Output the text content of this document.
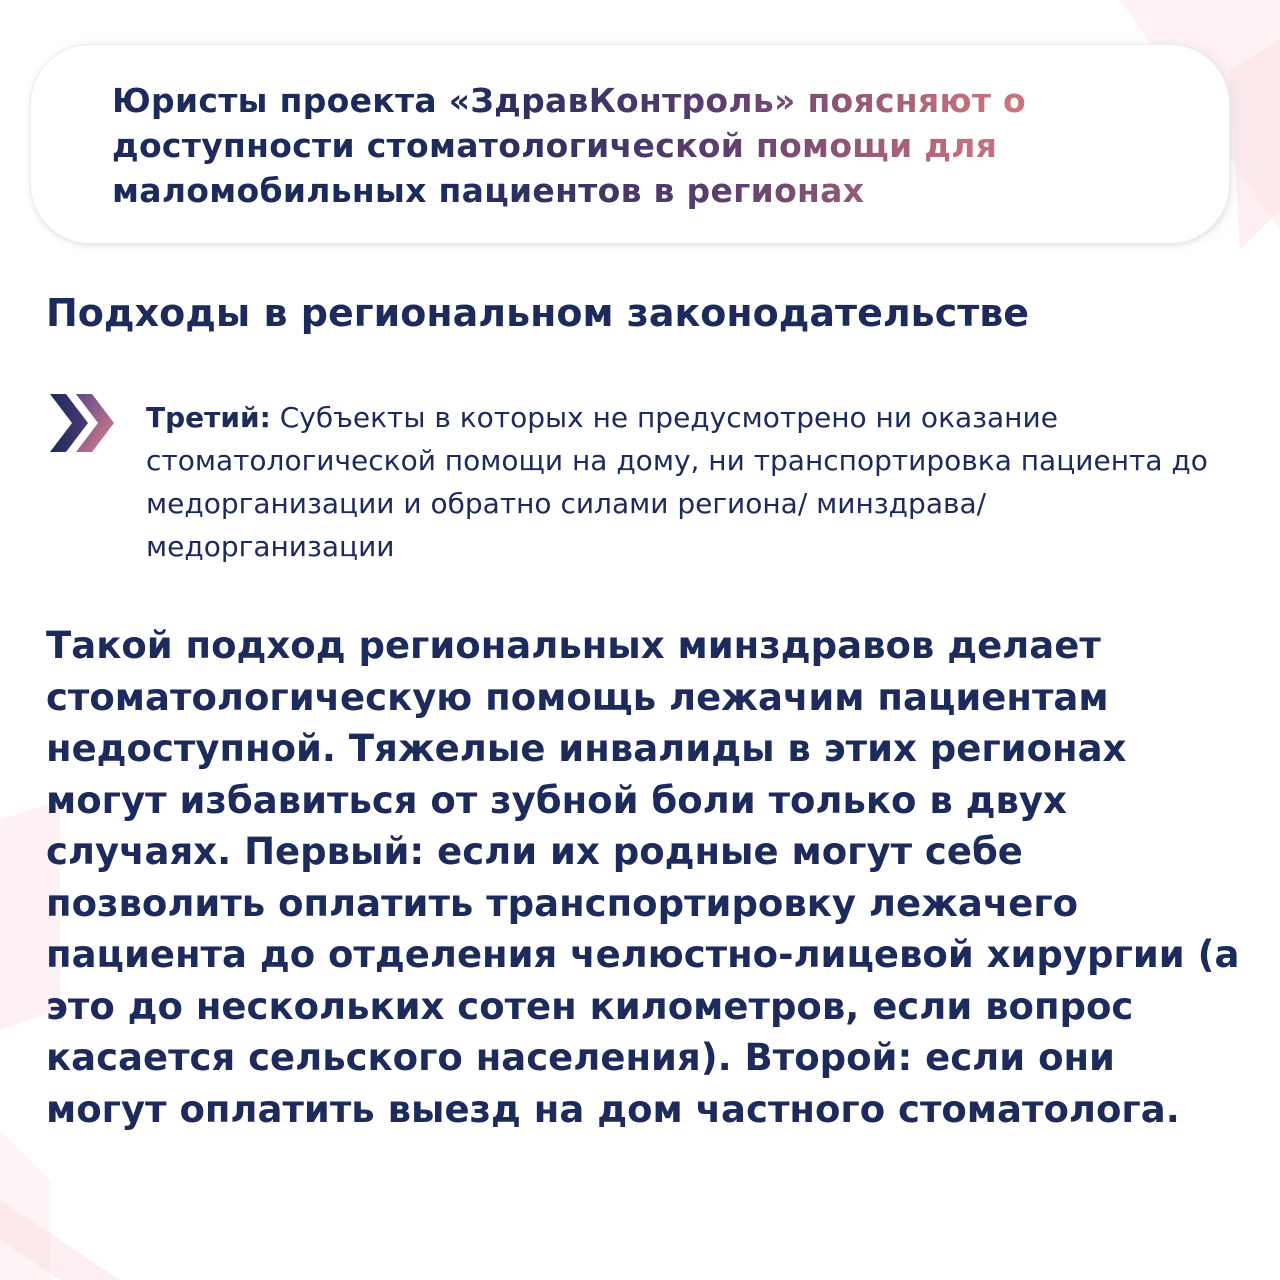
Юристы проекта «ЗдравКонтроль» поясняют о доступности стоматологической помощи для маломобильных пациентов в регионах
Подходы в региональном законодательстве

Третий: Субъекты в которых не предусмотрено ни оказание стоматологической помощи на дому, ни транспортировка пациента до медорганизации и обратно силами региона/ минздрава/ медорганизации

Такой подход региональных минздравов делает стоматологическую помощь лежачим пациентам недоступной. Тяжелые инвалиды в этих регионах могут избавиться от зубной боли только в двух случаях. Первый: если их родные могут себе позволить оплатить транспортировку лежачего пациента до отделения челюстно-лицевой хирургии (а это до нескольких сотен километров, если вопрос касается сельского населения). Второй: если они могут оплатить выезд на дом частного стоматолога.
